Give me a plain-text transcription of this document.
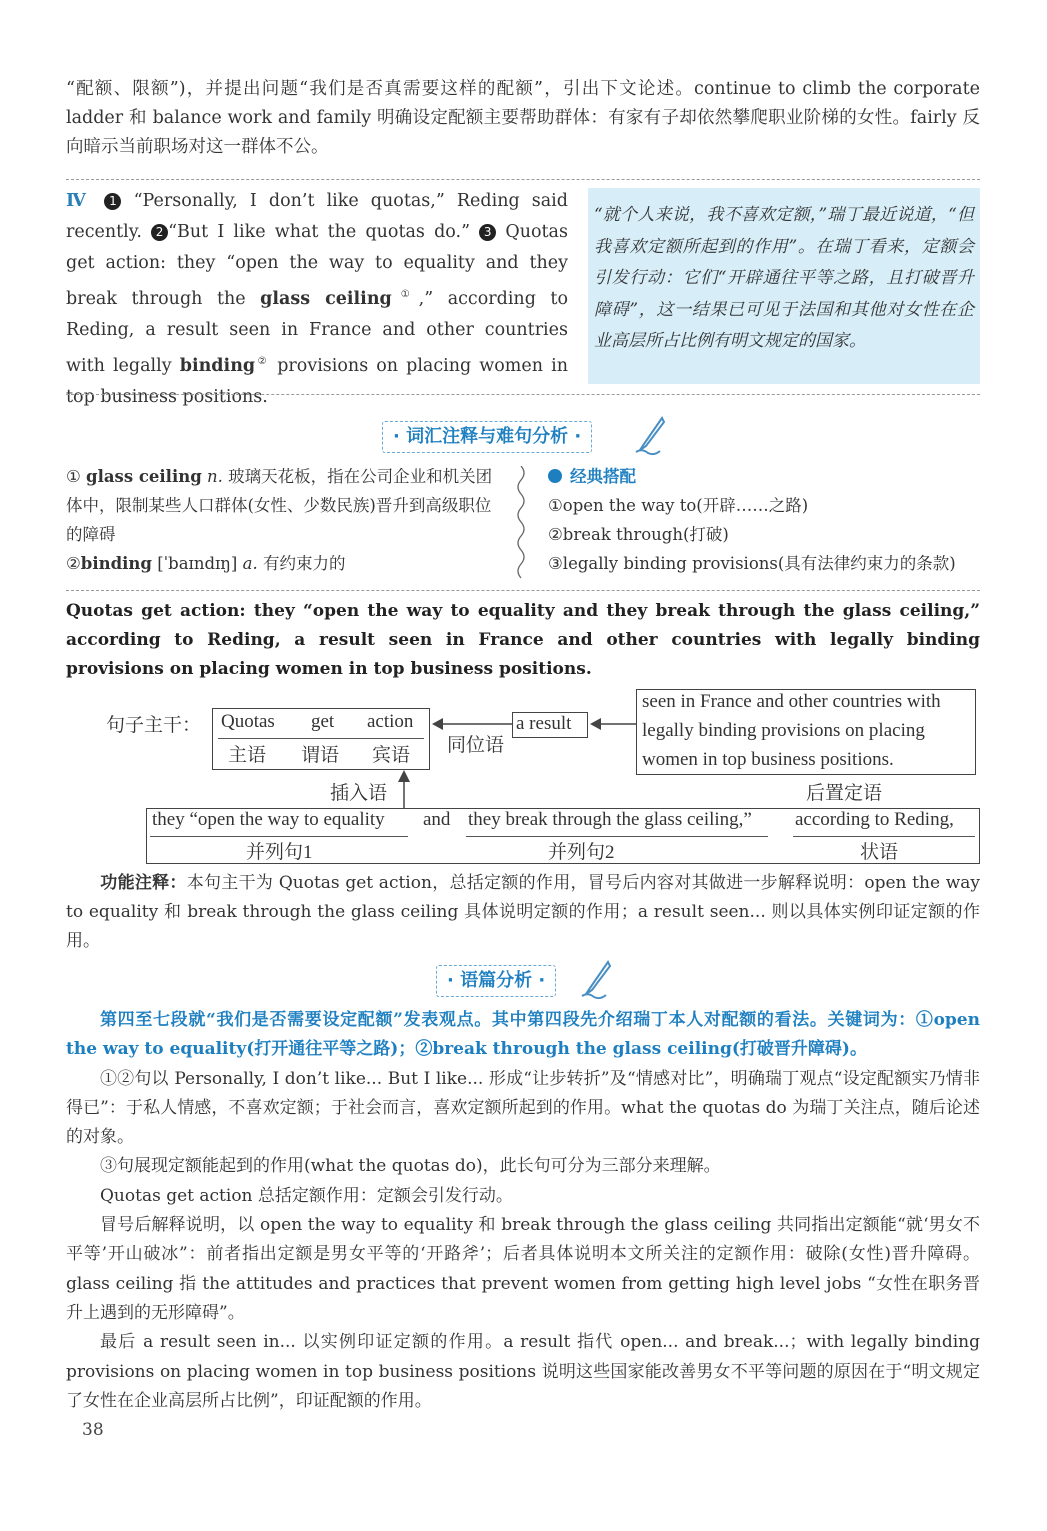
“配额、限额”)，并提出问题“我们是否真需要这样的配额”，引出下文论述。continue to climb the corporate ladder 和 balance work and family 明确设定配额主要帮助群体：有家有子却依然攀爬职业阶梯的女性。fairly 反向暗示当前职场对这一群体不公。
Ⅳ 1 “Personally, I don’t like quotas,” Reding said recently. 2 “But I like what the quotas do.” 3 Quotas get action: they “open the way to equality and they break through the glass ceiling①,” according to Reding, a result seen in France and other countries with legally binding② provisions on placing women in top business positions.
“就个人来说，我不喜欢定额，”瑞丁最近说道，“但我喜欢定额所起到的作用”。在瑞丁看来，定额会引发行动：它们“开辟通往平等之路，且打破晋升障碍”，这一结果已可见于法国和其他对女性在企业高层所占比例有明文规定的国家。
· 词汇注释与难句分析 ·
① glass ceiling n. 玻璃天花板，指在公司企业和机关团体中，限制某些人口群体(女性、少数民族)晋升到高级职位的障碍
②binding [ˈbaɪndɪŋ] a. 有约束力的
经典搭配
①open the way to(开辟……之路)
②break through(打破)
③legally binding provisions(具有法律约束力的条款)
Quotas get action: they “open the way to equality and they break through the glass ceiling,” according to Reding, a result seen in France and other countries with legally binding provisions on placing women in top business positions.
句子主干： Quotas get action
主语 谓语 宾语 同位语
a result
seen in France and other countries with
legally binding provisions on placing
women in top business positions.
后置定语
插入语
they “open the way to equality and they break through the glass ceiling,” according to Reding,
并列句1	并列句2	状语
功能注释：本句主干为 Quotas get action，总括定额的作用，冒号后内容对其做进一步解释说明：open the way to equality 和 break through the glass ceiling 具体说明定额的作用；a result seen... 则以具体实例印证定额的作用。
· 语篇分析 ·

第四至七段就“我们是否需要设定配额”发表观点。其中第四段先介绍瑞丁本人对配额的看法。关键词为：①open the way to equality(打开通往平等之路)；②break through the glass ceiling(打破晋升障碍)。

①②句以 Personally, I don’t like... But I like... 形成“让步转折”及“情感对比”，明确瑞丁观点“设定配额实乃情非得已”：于私人情感，不喜欢定额；于社会而言，喜欢定额所起到的作用。what the quotas do 为瑞丁关注点，随后论述的对象。

③句展现定额能起到的作用(what the quotas do)，此长句可分为三部分来理解。

Quotas get action 总括定额作用：定额会引发行动。

冒号后解释说明，以 open the way to equality 和 break through the glass ceiling 共同指出定额能“就‘男女不平等’开山破冰”：前者指出定额是男女平等的‘开路斧’；后者具体说明本文所关注的定额作用：破除(女性)晋升障碍。glass ceiling 指 the attitudes and practices that prevent women from getting high level jobs “女性在职务晋升上遇到的无形障碍”。

最后 a result seen in... 以实例印证定额的作用。a result 指代 open... and break...；with legally binding provisions on placing women in top business positions 说明这些国家能改善男女不平等问题的原因在于“明文规定了女性在企业高层所占比例”，印证配额的作用。

38
